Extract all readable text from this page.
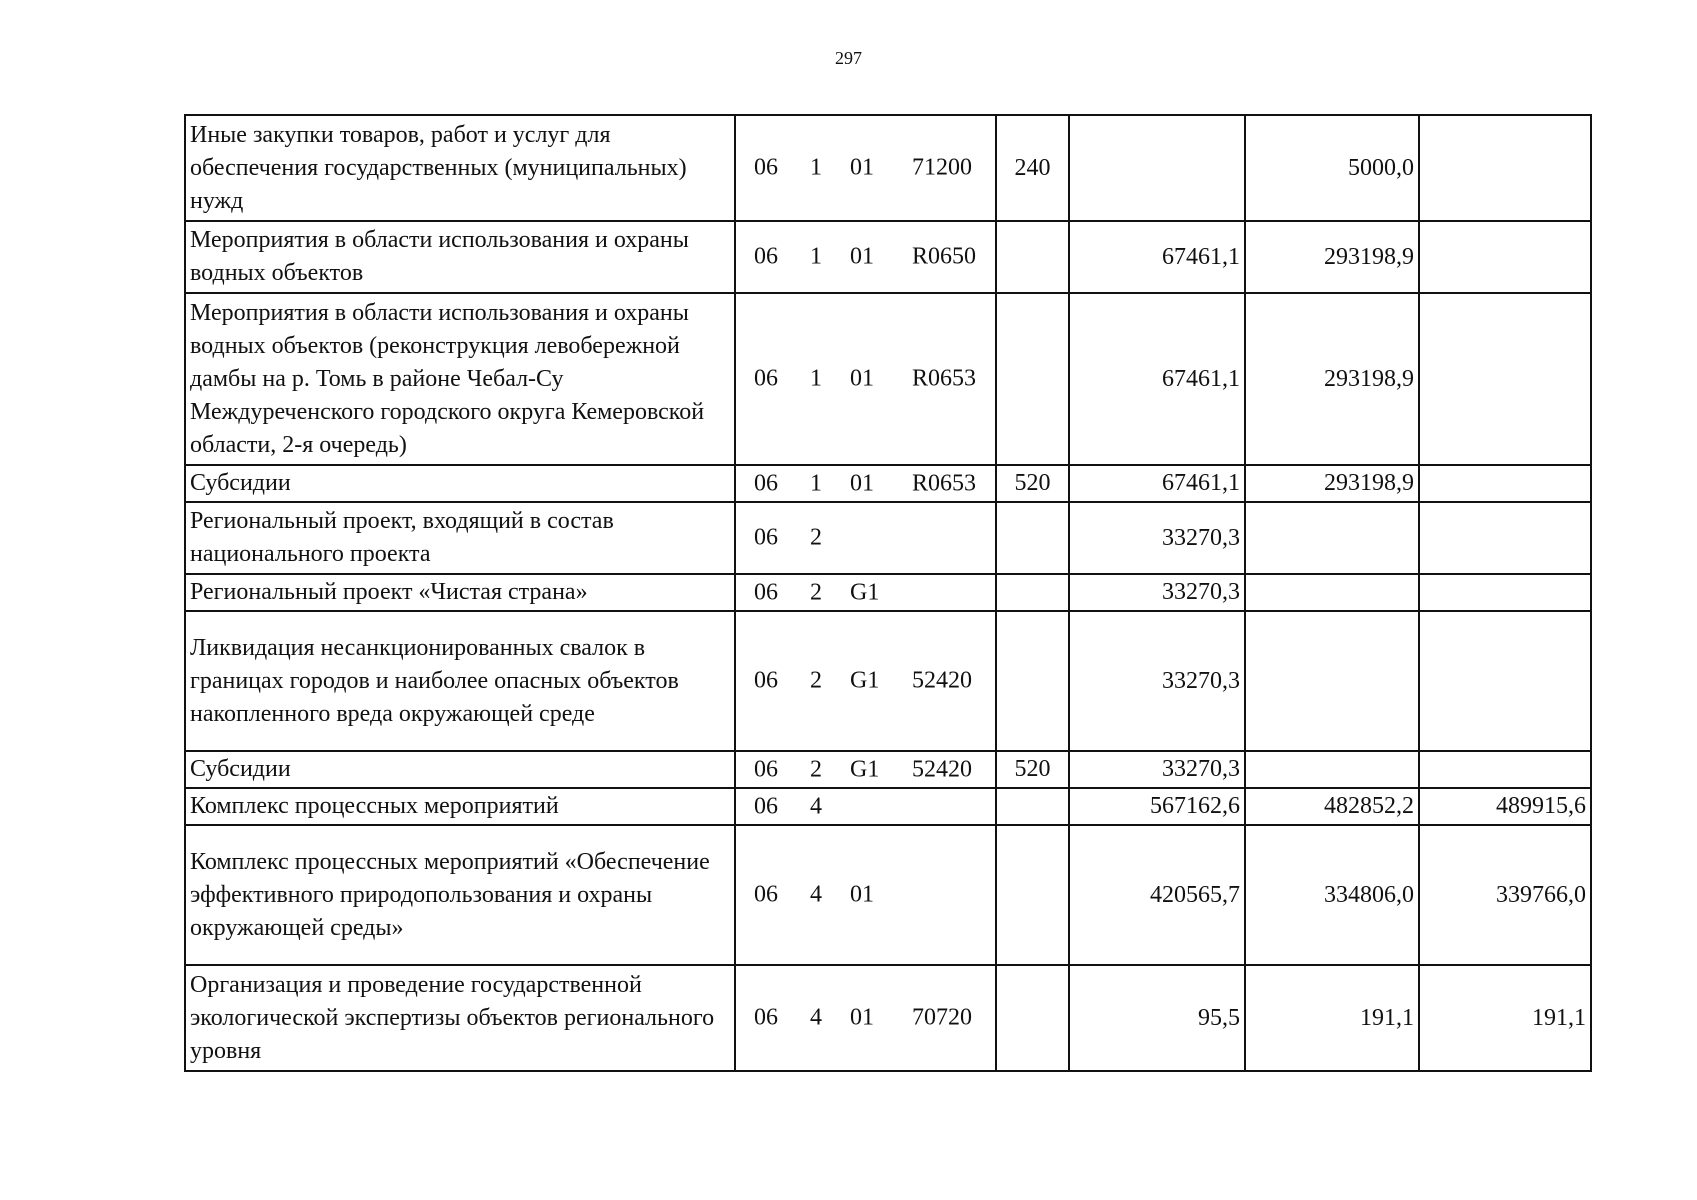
297
Иные закупки товаров, работ и услуг для обеспечения государственных (муниципальных) нужд	06 1 01 71200	240		5000,0	
Мероприятия в области использования и охраны водных объектов	06 1 01 R0650		67461,1	293198,9	
Мероприятия в области использования и охраны водных объектов (реконструкция левобережной дамбы на р. Томь в районе Чебал-Су Междуреченского городского округа Кемеровской области, 2-я очередь)	06 1 01 R0653		67461,1	293198,9	
Субсидии	06 1 01 R0653	520	67461,1	293198,9	
Региональный проект, входящий в состав национального проекта	06 2		33270,3		
Региональный проект «Чистая страна»	06 2 G1		33270,3		
Ликвидация несанкционированных свалок в границах городов и наиболее опасных объектов накопленного вреда окружающей среде	06 2 G1 52420		33270,3		
Субсидии	06 2 G1 52420	520	33270,3		
Комплекс процессных мероприятий	06 4		567162,6	482852,2	489915,6
Комплекс процессных мероприятий «Обеспечение эффективного природопользования и охраны окружающей среды»	06 4 01		420565,7	334806,0	339766,0
Организация и проведение государственной экологической экспертизы объектов регионального уровня	06 4 01 70720		95,5	191,1	191,1
